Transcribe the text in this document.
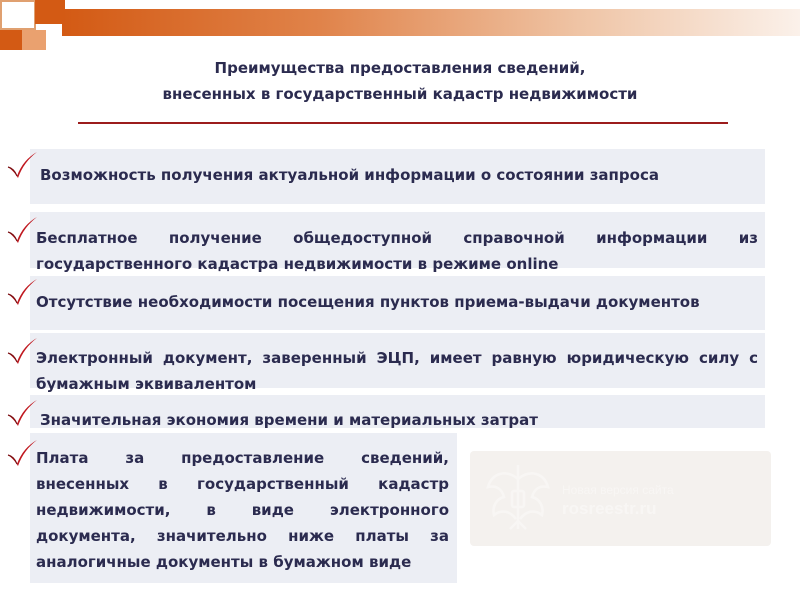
Преимущества предоставления сведений,
внесенных в государственный кадастр недвижимости
Возможность получения актуальной информации о состоянии запроса
Бесплатное получение общедоступной справочной информации из государственного кадастра недвижимости в режиме online
Отсутствие необходимости посещения пунктов приема-выдачи документов
Электронный документ, заверенный ЭЦП, имеет равную юридическую силу с бумажным эквивалентом
Значительная экономия времени и материальных затрат
Плата за предоставление сведений, внесенных в государственный кадастр недвижимости, в виде электронного документа, значительно ниже платы за аналогичные документы в бумажном виде
Новая версия сайта
rosreestr.ru
